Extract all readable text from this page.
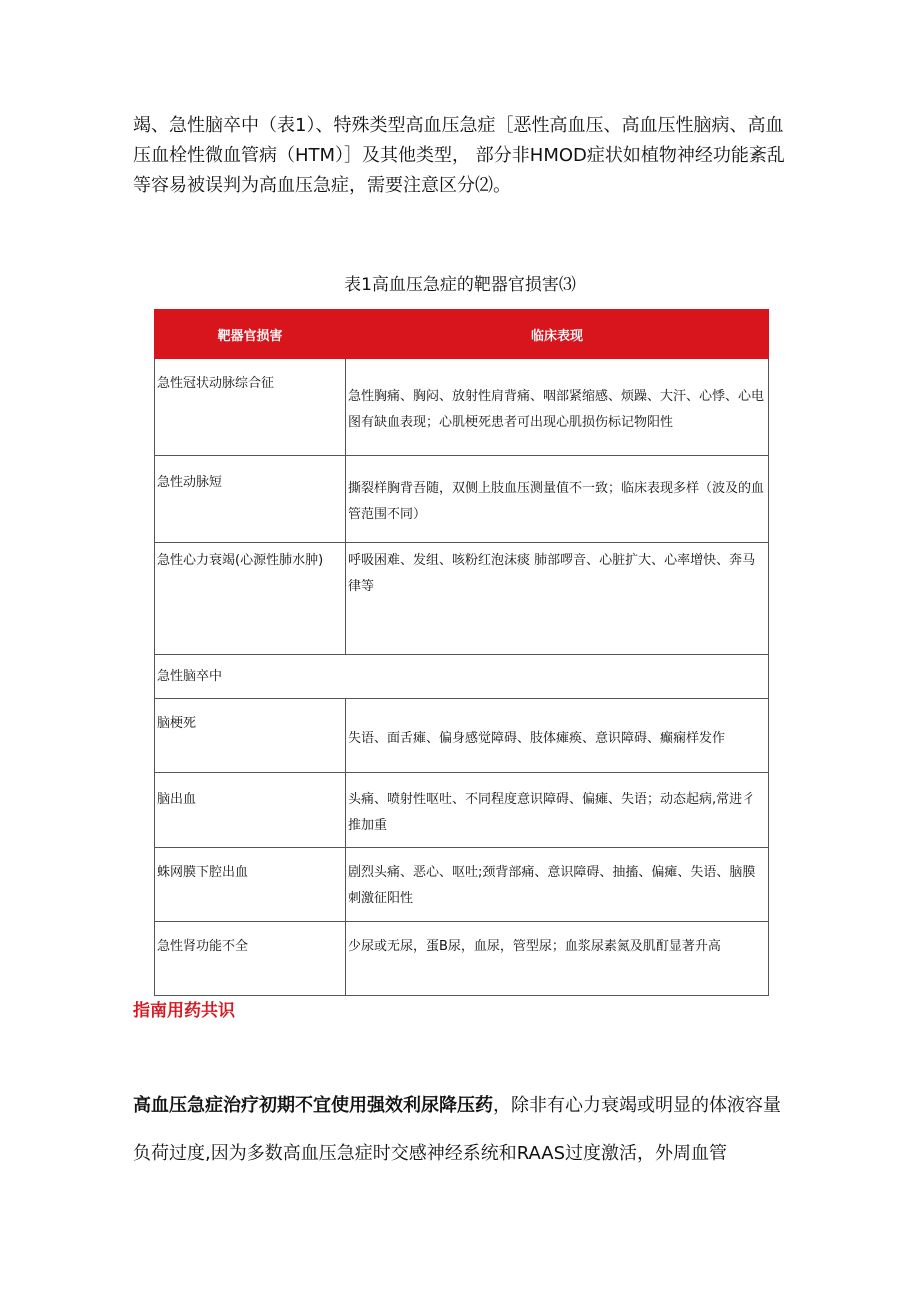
竭、急性脑卒中（表1）、特殊类型高血压急症［恶性高血压、高血压性脑病、高血压血栓性微血管病（HTM）］及其他类型， 部分非HMOD症状如植物神经功能紊乱等容易被误判为高血压急症，需要注意区分⑵。

表1高血压急症的靶器官损害⑶

靶器官损害	临床表现
急性冠状动脉综合征	急性胸痛、胸闷、放射性肩背痛、咽部紧缩感、烦躁、大汗、心悸、心电图有缺血表现；心肌梗死患者可出现心肌损伤标记物阳性
急性动脉短	撕裂样胸背吾随，双侧上肢血压测量值不一致；临床表现多样（波及的血管范围不同）
急性心力衰竭(心源性肺水肿)	呼吸困难、发组、咳粉红泡沫痰 肺部啰音、心脏扩大、心率增快、奔马律等
急性脑卒中	
脑梗死	失语、面舌瘫、偏身感觉障碍、肢体瘫痪、意识障碍、癫痫样发作
脑出血	头痛、喷射性呕吐、不同程度意识障碍、偏瘫、失语；动态起病,常进彳推加重
蛛网膜下腔出血	剧烈头痛、恶心、呕吐;颈背部痛、意识障碍、抽搐、偏瘫、失语、脑膜刺激征阳性
急性肾功能不全	少尿或无尿，蛋B尿，血尿，管型尿；血浆尿素氮及肌酊显著升高

指南用药共识

高血压急症治疗初期不宜使用强效利尿降压药，除非有心力衰竭或明显的体液容量负荷过度,因为多数高血压急症时交感神经系统和RAAS过度激活，外周血管
